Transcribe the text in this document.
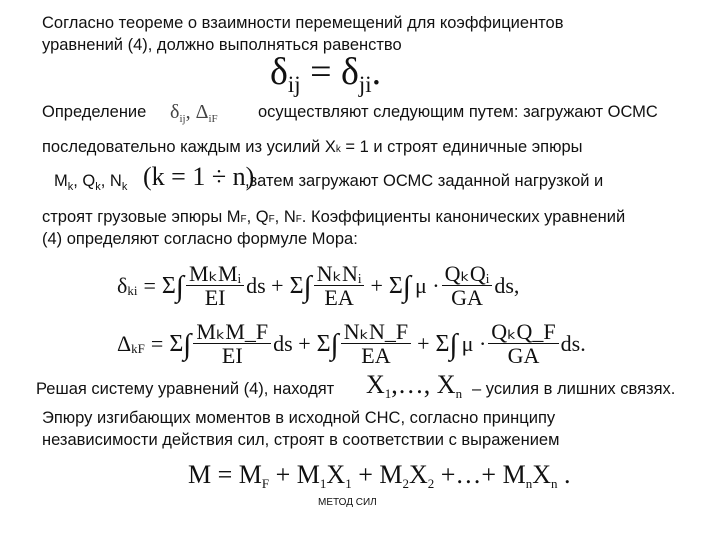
Согласно теореме о взаимности перемещений для коэффициентов
уравнений (4), должно выполняться равенство
$\delta_{ij} = \delta_{ji}$.
Определение δij, ΔiF осуществляют следующим путем: загружают ОСМС
последовательно каждым из усилий Xk = 1 и строят единичные эпюры
$M_k$, $Q_k$, $N_k$ (k = 1 ÷ n)
,затем загружают ОСМС заданной нагрузкой и
строят грузовые эпюры MF, QF, NF. Коэффициенты канонических уравнений
(4) определяют согласно формуле Мора:
δ ki = Σ ∫ $\frac{\text{MₖMᵢ}}{EI}$ ds + Σ ∫ $\frac{\text{NₖNᵢ}}{EA} + \Sigma$ ∫ $\mu \cdot \frac{\text{QₖQᵢ}}{GA}$ ds,
Δ kF = Σ ∫ $\frac{\text{MₖM\_F}}{EI}$ ds + Σ ∫ $\frac{\text{NₖN\_F}}{EA} + \Sigma$ ∫ $\mu \cdot \frac{\text{QₖQ\_F}}{GA}$ ds.
Решая систему уравнений (4), находят X1,…, Xn – усилия в лишних связях.
Эпюру изгибающих моментов в исходной СНС, согласно принципу
независимости действия сил, строят в соответствии с выражением
M = MF + M1X1 + M2X2 +…+ MnXn .
МЕТОД СИЛ
